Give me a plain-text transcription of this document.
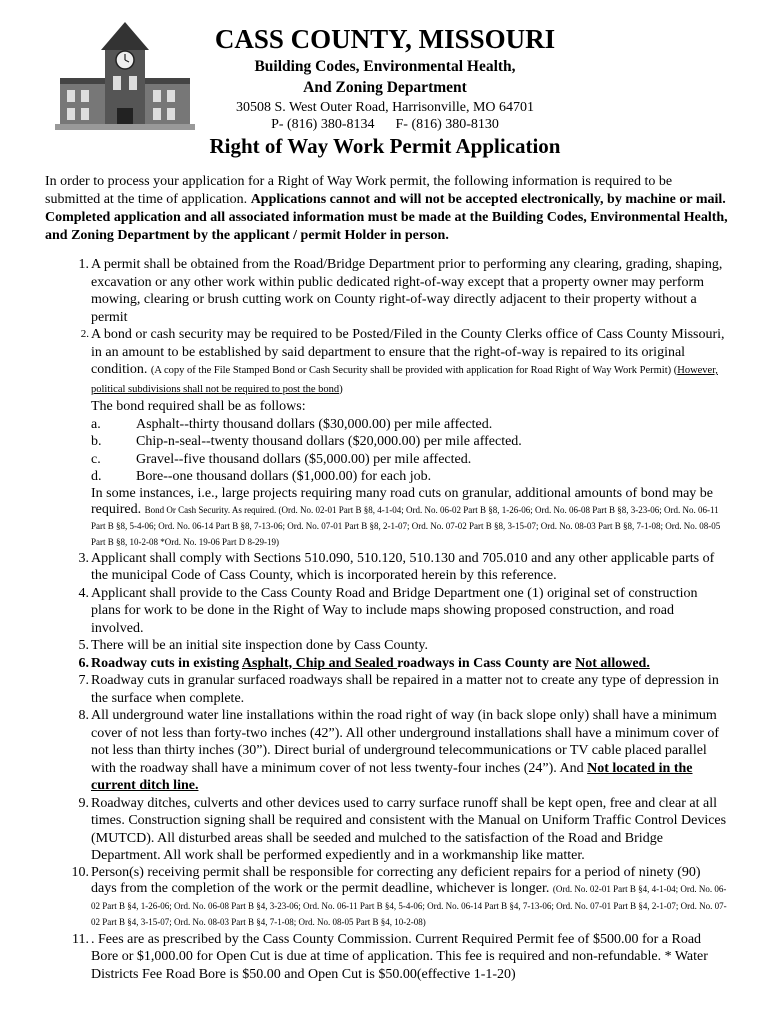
CASS COUNTY, MISSOURI
Building Codes, Environmental Health,
And Zoning Department
30508 S. West Outer Road, Harrisonville, MO 64701
P- (816) 380-8134      F- (816) 380-8130
Right of Way Work Permit Application
In order to process your application for a Right of Way Work permit, the following information is required to be submitted at the time of application. Applications cannot and will not be accepted electronically, by machine or mail. Completed application and all associated information must be made at the Building Codes, Environmental Health, and Zoning Department by the applicant / permit Holder in person.
1. A permit shall be obtained from the Road/Bridge Department prior to performing any clearing, grading, shaping, excavation or any other work within public dedicated right-of-way except that a property owner may perform mowing, clearing or brush cutting work on County right-of-way directly adjacent to their property without a permit
2. A bond or cash security may be required to be Posted/Filed in the County Clerks office of Cass County Missouri, in an amount to be established by said department to ensure that the right-of-way is repaired to its original condition. (A copy of the File Stamped Bond or Cash Security shall be provided with application for Road Right of Way Work Permit) (However, political subdivisions shall not be required to post the bond)
The bond required shall be as follows:
a.	Asphalt--thirty thousand dollars ($30,000.00) per mile affected.
b. Chip-n-seal--twenty thousand dollars ($20,000.00) per mile affected.
c.	Gravel--five thousand dollars ($5,000.00) per mile affected.
d. Bore--one thousand dollars ($1,000.00) for each job.
In some instances, i.e., large projects requiring many road cuts on granular, additional amounts of bond may be required. Bond Or Cash Security. As required. (Ord. No. 02-01 Part B §8, 4-1-04; Ord. No. 06-02 Part B §8, 1-26-06; Ord. No. 06-08 Part B §8, 3-23-06; Ord. No. 06-11 Part B §8, 5-4-06; Ord. No. 06-14 Part B §8, 7-13-06; Ord. No. 07-01 Part B §8, 2-1-07; Ord. No. 07-02 Part B §8, 3-15-07; Ord. No. 08-03 Part B §8, 7-1-08; Ord. No. 08-05 Part B §8, 10-2-08 *Ord. No. 19-06 Part D 8-29-19)
3. Applicant shall comply with Sections 510.090, 510.120, 510.130 and 705.010 and any other applicable parts of the municipal Code of Cass County, which is incorporated herein by this reference.
4. Applicant shall provide to the Cass County Road and Bridge Department one (1) original set of construction plans for work to be done in the Right of Way to include maps showing proposed construction, and road involved.
5. There will be an initial site inspection done by Cass County.
6. Roadway cuts in existing Asphalt, Chip and Sealed roadways in Cass County are Not allowed.
7. Roadway cuts in granular surfaced roadways shall be repaired in a matter not to create any type of depression in the surface when complete.
8. All underground water line installations within the road right of way (in back slope only) shall have a minimum cover of not less than forty-two inches (42”). All other underground installations shall have a minimum cover of not less than thirty inches (30”). Direct burial of underground telecommunications or TV cable placed parallel with the roadway shall have a minimum cover of not less twenty-four inches (24”). And Not located in the current ditch line.
9. Roadway ditches, culverts and other devices used to carry surface runoff shall be kept open, free and clear at all times. Construction signing shall be required and consistent with the Manual on Uniform Traffic Control Devices (MUTCD). All disturbed areas shall be seeded and mulched to the satisfaction of the Road and Bridge Department. All work shall be performed expediently and in a workmanship like matter.
10. Person(s) receiving permit shall be responsible for correcting any deficient repairs for a period of ninety (90) days from the completion of the work or the permit deadline, whichever is longer. (Ord. No. 02-01 Part B §4, 4-1-04; Ord. No. 06-02 Part B §4, 1-26-06; Ord. No. 06-08 Part B §4, 3-23-06; Ord. No. 06-11 Part B §4, 5-4-06; Ord. No. 06-14 Part B §4, 7-13-06; Ord. No. 07-01 Part B §4, 2-1-07; Ord. No. 07-02 Part B §4, 3-15-07; Ord. No. 08-03 Part B §4, 7-1-08; Ord. No. 08-05 Part B §4, 10-2-08)
11. . Fees are as prescribed by the Cass County Commission. Current Required Permit fee of $500.00 for a Road Bore or $1,000.00 for Open Cut is due at time of application. This fee is required and non-refundable. * Water Districts Fee Road Bore is $50.00 and Open Cut is $50.00(effective 1-1-20)
